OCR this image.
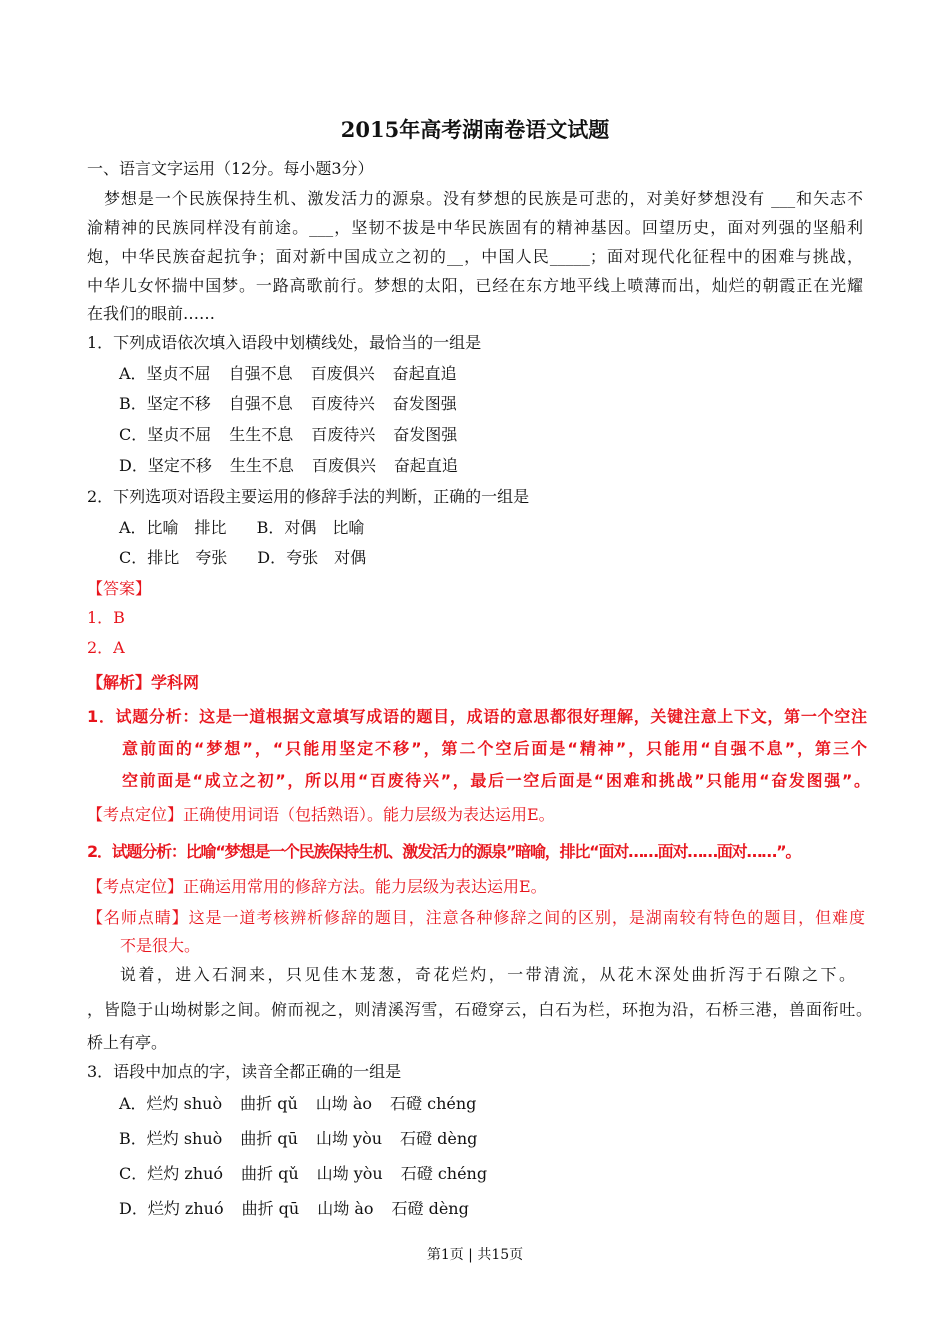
2015年高考湖南卷语文试题
一、语言文字运用（12分。每小题3分）
　梦想是一个民族保持生机、激发活力的源泉。没有梦想的民族是可悲的，对美好梦想没有 ___和矢志不
渝精神的民族同样没有前途。___，坚韧不拔是中华民族固有的精神基因。回望历史，面对列强的坚船利
炮，中华民族奋起抗争；面对新中国成立之初的__，中国人民_____；面对现代化征程中的困难与挑战，
中华儿女怀揣中国梦。一路高歌前行。梦想的太阳，已经在东方地平线上喷薄而出，灿烂的朝霞正在光耀
在我们的眼前……
1．下列成语依次填入语段中划横线处，最恰当的一组是
A．坚贞不屈 自强不息 百废俱兴 奋起直追
B．坚定不移 自强不息 百废待兴 奋发图强
C．坚贞不屈 生生不息 百废待兴 奋发图强
D．坚定不移 生生不息 百废俱兴 奋起直追
2．下列选项对语段主要运用的修辞手法的判断，正确的一组是
A．比喻　排比 B．对偶　比喻
C．排比　夸张 D．夸张　对偶
【答案】
1．B
2．A
【解析】学科网
1．试题分析：这是一道根据文意填写成语的题目，成语的意思都很好理解，关键注意上下文，第一个空注
意前面的“梦想”，“只能用坚定不移”，第二个空后面是“精神”，只能用“自强不息”，第三个
空前面是“成立之初”，所以用“百废待兴”，最后一空后面是“困难和挑战”只能用“奋发图强”。
【考点定位】正确使用词语（包括熟语）。能力层级为表达运用E。
2．试题分析：比喻“梦想是一个民族保持生机、激发活力的源泉”暗喻，排比“面对……面对……面对……”。
【考点定位】正确运用常用的修辞方法。能力层级为表达运用E。
【名师点睛】这是一道考核辨析修辞的题目，注意各种修辞之间的区别，是湖南较有特色的题目，但难度
不是很大。
说着，进入石洞来，只见佳木茏葱，奇花烂灼，一带清流，从花木深处曲折泻于石隙之下。
，皆隐于山坳树影之间。俯而视之，则清溪泻雪，石磴穿云，白石为栏，环抱为沿，石桥三港，兽面衔吐。
桥上有亭。
3．语段中加点的字，读音全都正确的一组是
A．烂灼 shuò 曲折 qǔ 山坳 ào 石磴 chéng
B．烂灼 shuò 曲折 qū 山坳 yòu 石磴 dèng
C．烂灼 zhuó 曲折 qǔ 山坳 yòu 石磴 chéng
D．烂灼 zhuó 曲折 qū 山坳 ào 石磴 dèng
第1页 | 共15页
